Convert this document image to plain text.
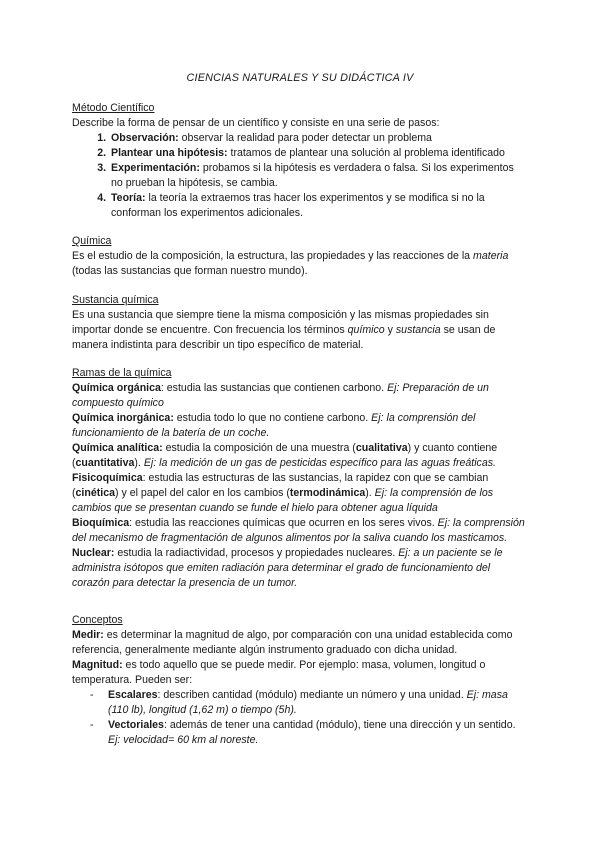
CIENCIAS NATURALES Y SU DIDÁCTICA IV
Método Científico

Describe la forma de pensar de un científico y consiste en una serie de pasos:

1. Observación: observar la realidad para poder detectar un problema
2. Plantear una hipótesis: tratamos de plantear una solución al problema identificado
3. Experimentación: probamos si la hipótesis es verdadera o falsa. Si los experimentos no prueban la hipótesis, se cambia.
4. Teoría: la teoría la extraemos tras hacer los experimentos y se modifica si no la conforman los experimentos adicionales.
Química

Es el estudio de la composición, la estructura, las propiedades y las reacciones de la materia (todas las sustancias que forman nuestro mundo).

Sustancia química

Es una sustancia que siempre tiene la misma composición y las mismas propiedades sin importar donde se encuentre. Con frecuencia los términos químico y sustancia se usan de manera indistinta para describir un tipo específico de material.

Ramas de la química

Química orgánica: estudia las sustancias que contienen carbono. Ej: Preparación de un compuesto químico

Química inorgánica: estudia todo lo que no contiene carbono. Ej: la comprensión del funcionamiento de la batería de un coche.

Química analítica: estudia la composición de una muestra (cualitativa) y cuanto contiene (cuantitativa). Ej: la medición de un gas de pesticidas específico para las aguas freáticas.

Fisicoquímica: estudia las estructuras de las sustancias, la rapidez con que se cambian (cinética) y el papel del calor en los cambios (termodinámica). Ej: la comprensión de los cambios que se presentan cuando se funde el hielo para obtener agua líquida

Bioquímica: estudia las reacciones químicas que ocurren en los seres vivos. Ej: la comprensión del mecanismo de fragmentación de algunos alimentos por la saliva cuando los masticamos.

Nuclear: estudia la radiactividad, procesos y propiedades nucleares. Ej: a un paciente se le administra isótopos que emiten radiación para determinar el grado de funcionamiento del corazón para detectar la presencia de un tumor.

Conceptos

Medir: es determinar la magnitud de algo, por comparación con una unidad establecida como referencia, generalmente mediante algún instrumento graduado con dicha unidad.

Magnitud: es todo aquello que se puede medir. Por ejemplo: masa, volumen, longitud o temperatura. Pueden ser:

- Escalares: describen cantidad (módulo) mediante un número y una unidad. Ej: masa (110 lb), longitud (1,62 m) o tiempo (5h).
- Vectoriales: además de tener una cantidad (módulo), tiene una dirección y un sentido. Ej: velocidad= 60 km al noreste.
